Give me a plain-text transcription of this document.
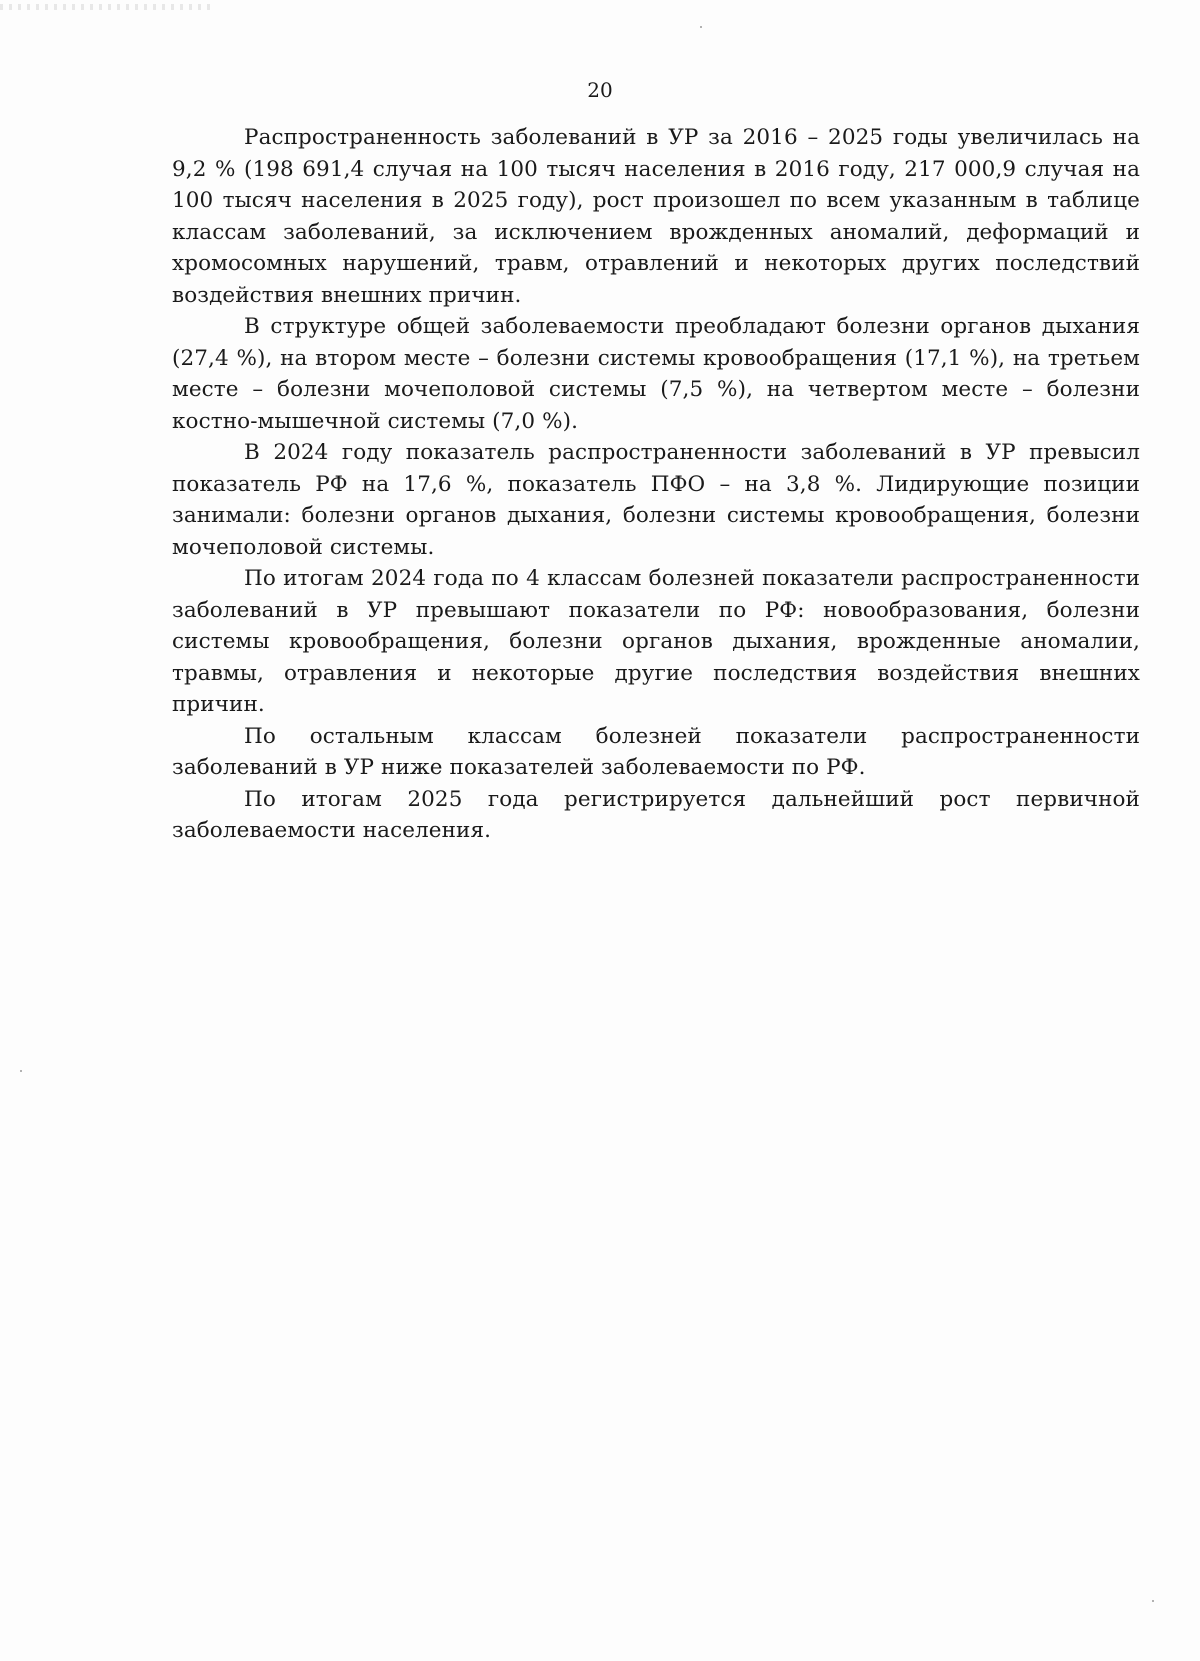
20

Распространенность заболеваний в УР за 2016 – 2025 годы увеличилась на 9,2 % (198 691,4 случая на 100 тысяч населения в 2016 году, 217 000,9 случая на 100 тысяч населения в 2025 году), рост произошел по всем указанным в таблице классам заболеваний, за исключением врожденных аномалий, деформаций и хромосомных нарушений, травм, отравлений и некоторых других последствий воздействия внешних причин.

В структуре общей заболеваемости преобладают болезни органов дыхания (27,4 %), на втором месте – болезни системы кровообращения (17,1 %), на третьем месте – болезни мочеполовой системы (7,5 %), на четвертом месте – болезни костно-мышечной системы (7,0 %).

В 2024 году показатель распространенности заболеваний в УР превысил показатель РФ на 17,6 %, показатель ПФО – на 3,8 %. Лидирующие позиции занимали: болезни органов дыхания, болезни системы кровообращения, болезни мочеполовой системы.

По итогам 2024 года по 4 классам болезней показатели распространенности заболеваний в УР превышают показатели по РФ: новообразования, болезни системы кровообращения, болезни органов дыхания, врожденные аномалии, травмы, отравления и некоторые другие последствия воздействия внешних причин.

По остальным классам болезней показатели распространенности заболеваний в УР ниже показателей заболеваемости по РФ.

По итогам 2025 года регистрируется дальнейший рост первичной заболеваемости населения.
